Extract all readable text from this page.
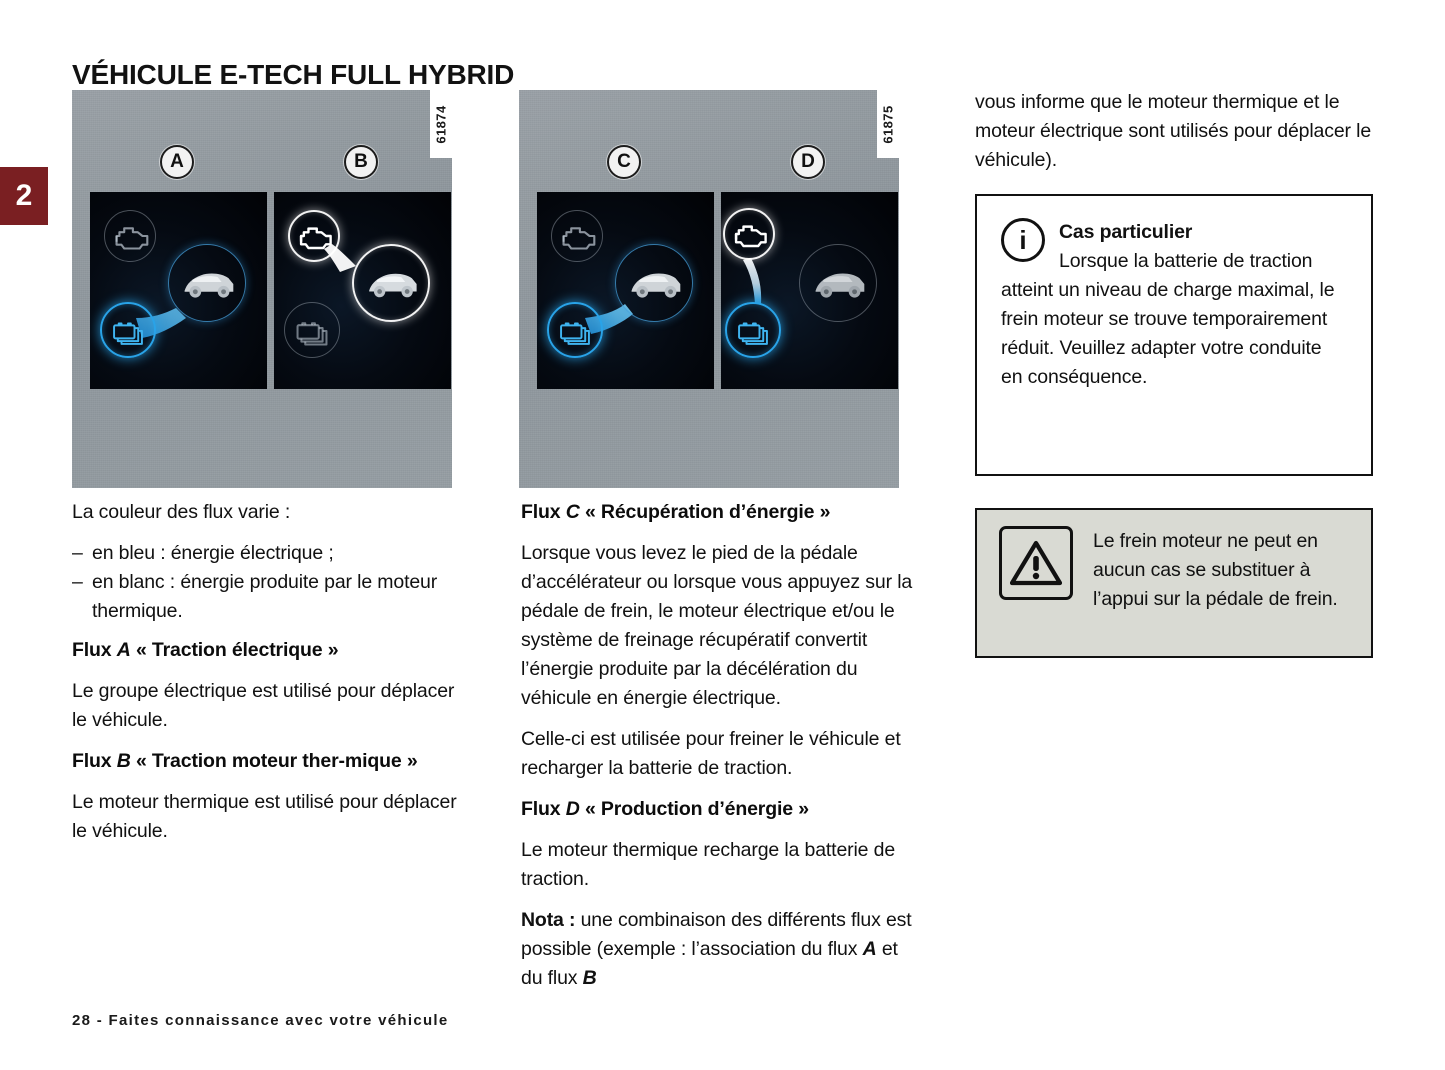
2
VÉHICULE E-TECH FULL HYBRID
61874
A	B
61875
C	D

La couleur des flux varie :

– en bleu : énergie électrique ;
– en blanc : énergie produite par le moteur thermique.

Flux A « Traction électrique »

Le groupe électrique est utilisé pour déplacer le véhicule.

Flux B « Traction moteur ther-mique »

Le moteur thermique est utilisé pour déplacer le véhicule.

Flux C « Récupération d’énergie »

Lorsque vous levez le pied de la pédale d’accélérateur ou lorsque vous appuyez sur la pédale de frein, le moteur électrique et/ou le système de freinage récupératif convertit l’énergie produite par la décélération du véhicule en énergie électrique.

Celle-ci est utilisée pour freiner le véhicule et recharger la batterie de traction.

Flux D « Production d’énergie »

Le moteur thermique recharge la batterie de traction.

Nota : une combinaison des différents flux est possible (exemple : l’association du flux A et du flux B

vous informe que le moteur thermique et le moteur électrique sont utilisés pour déplacer le véhicule).

i	Cas particulier
Lorsque la batterie de traction atteint un niveau de charge maximal, le frein moteur se trouve temporairement réduit. Veuillez adapter votre conduite en conséquence.
Le frein moteur ne peut en aucun cas se substituer à l’appui sur la pédale de frein.
28 - Faites connaissance avec votre véhicule
